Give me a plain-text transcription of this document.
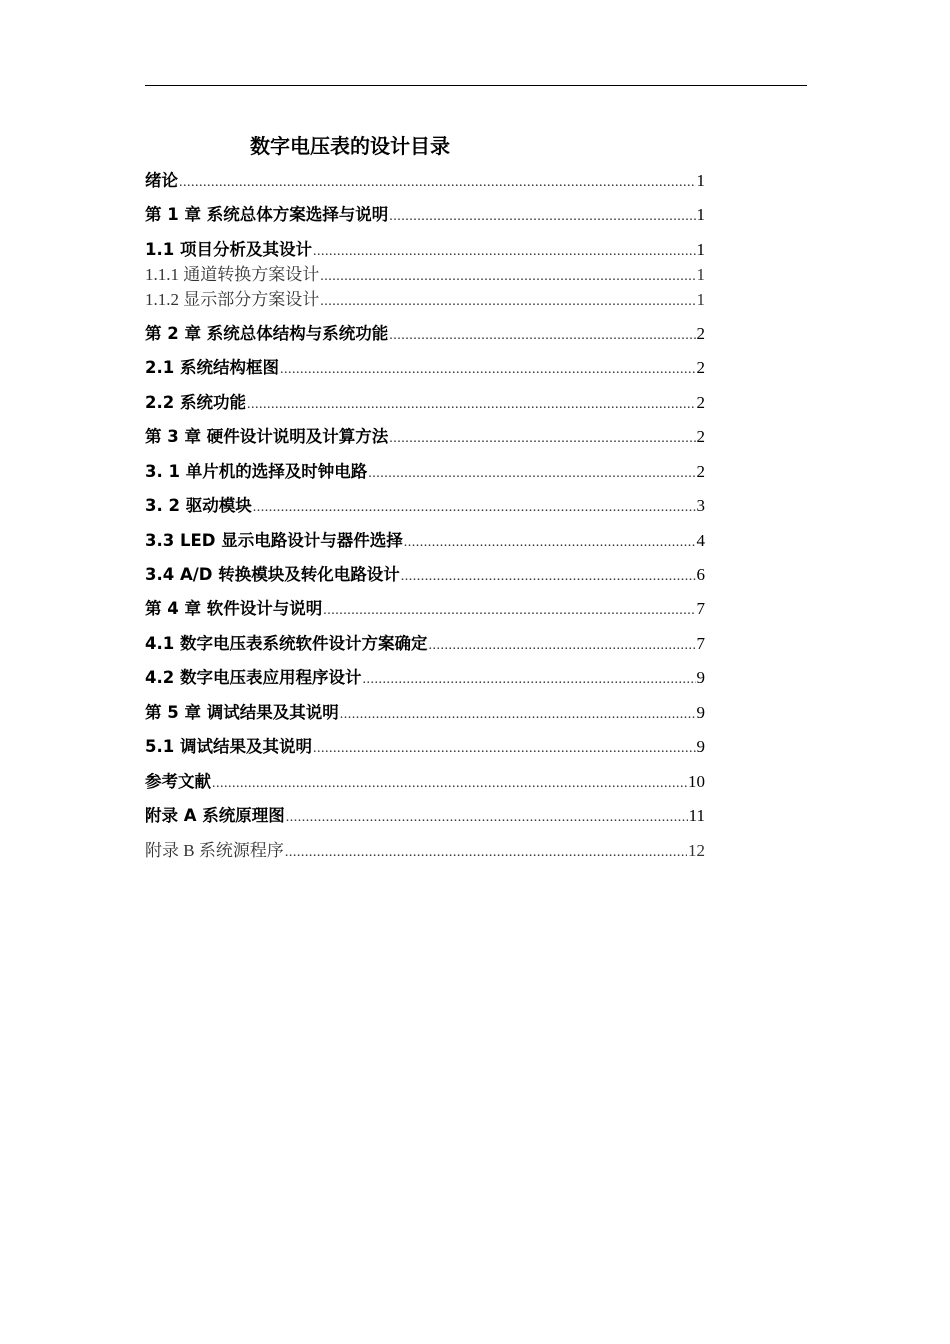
数字电压表的设计目录
绪论 .....	1
第 1 章 系统总体方案选择与说明 .....	1
1.1 项目分析及其设计 .....	1
1.1.1 通道转换方案设计 .....	1
1.1.2 显示部分方案设计 .....	1
第 2 章 系统总体结构与系统功能 .....	2
2.1 系统结构框图 .....	2
2.2 系统功能 .....	2
第 3 章 硬件设计说明及计算方法 .....	2
3. 1 单片机的选择及时钟电路 .....	2
3. 2 驱动模块 .....	3
3.3 LED 显示电路设计与器件选择 .....	4
3.4 A/D 转换模块及转化电路设计 .....	6
第 4 章 软件设计与说明 .....	7
4.1 数字电压表系统软件设计方案确定 .....	7
4.2 数字电压表应用程序设计 .....	9
第 5 章 调试结果及其说明 .....	9
5.1 调试结果及其说明 .....	9
参考文献 .....	10
附录 A 系统原理图 .....	11
附录 B 系统源程序 .....	12
